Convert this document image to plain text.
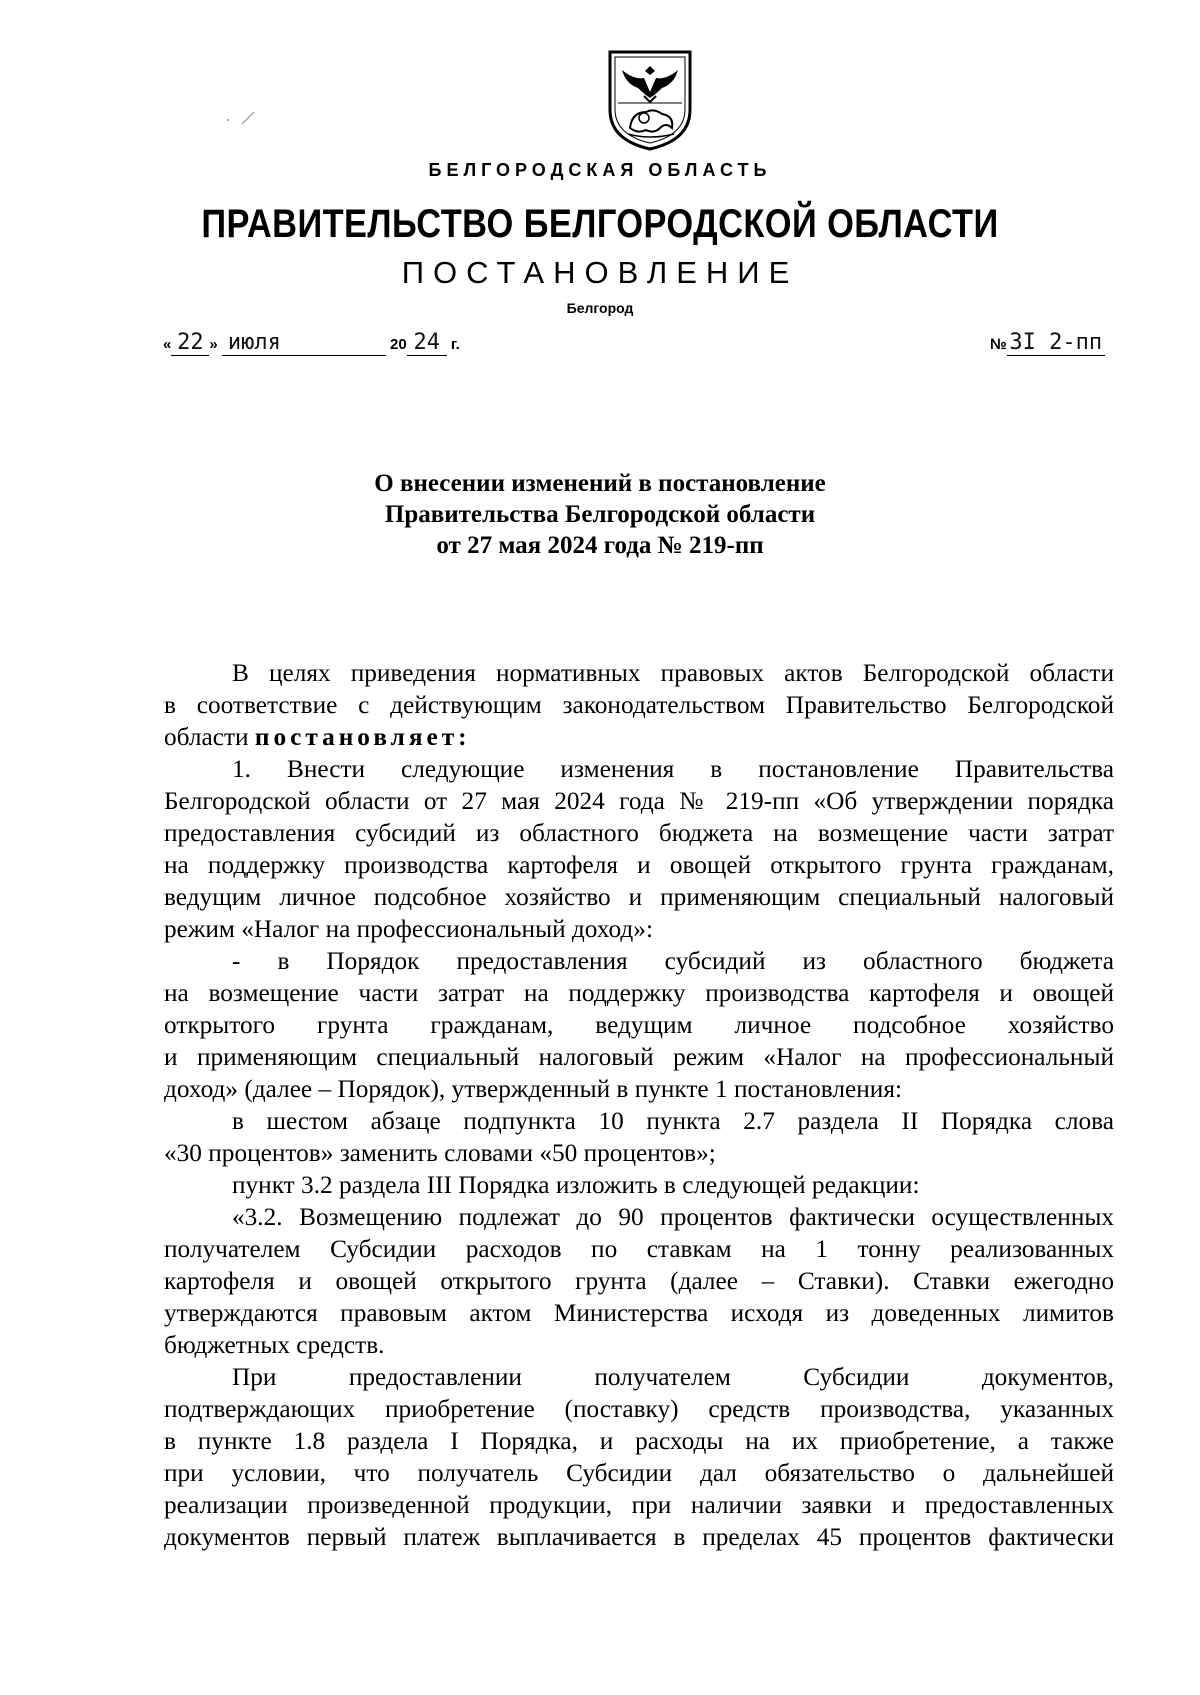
БЕЛГОРОДСКАЯ ОБЛАСТЬ
ПРАВИТЕЛЬСТВО БЕЛГОРОДСКОЙ ОБЛАСТИ
ПОСТАНОВЛЕНИЕ
Белгород
« 22 » июля	20 24 г.	№ 3I 2-пп
О внесении изменений в постановление
Правительства Белгородской области
от 27 мая 2024 года № 219-пп
В целях приведения нормативных правовых актов Белгородской области
в соответствие с действующим законодательством Правительство Белгородской
области постановляет:
1. Внести следующие изменения в постановление Правительства
Белгородской области от 27 мая 2024 года № 219-пп «Об утверждении порядка
предоставления субсидий из областного бюджета на возмещение части затрат
на поддержку производства картофеля и овощей открытого грунта гражданам,
ведущим личное подсобное хозяйство и применяющим специальный налоговый
режим «Налог на профессиональный доход»:
- в Порядок предоставления субсидий из областного бюджета
на возмещение части затрат на поддержку производства картофеля и овощей
открытого грунта гражданам, ведущим личное подсобное хозяйство
и применяющим специальный налоговый режим «Налог на профессиональный
доход» (далее – Порядок), утвержденный в пункте 1 постановления:
в шестом абзаце подпункта 10 пункта 2.7 раздела II Порядка слова
«30 процентов» заменить словами «50 процентов»;
пункт 3.2 раздела III Порядка изложить в следующей редакции:
«3.2. Возмещению подлежат до 90 процентов фактически осуществленных
получателем Субсидии расходов по ставкам на 1 тонну реализованных
картофеля и овощей открытого грунта (далее – Ставки). Ставки ежегодно
утверждаются правовым актом Министерства исходя из доведенных лимитов
бюджетных средств.
При предоставлении получателем Субсидии документов,
подтверждающих приобретение (поставку) средств производства, указанных
в пункте 1.8 раздела I Порядка, и расходы на их приобретение, а также
при условии, что получатель Субсидии дал обязательство о дальнейшей
реализации произведенной продукции, при наличии заявки и предоставленных
документов первый платеж выплачивается в пределах 45 процентов фактически
